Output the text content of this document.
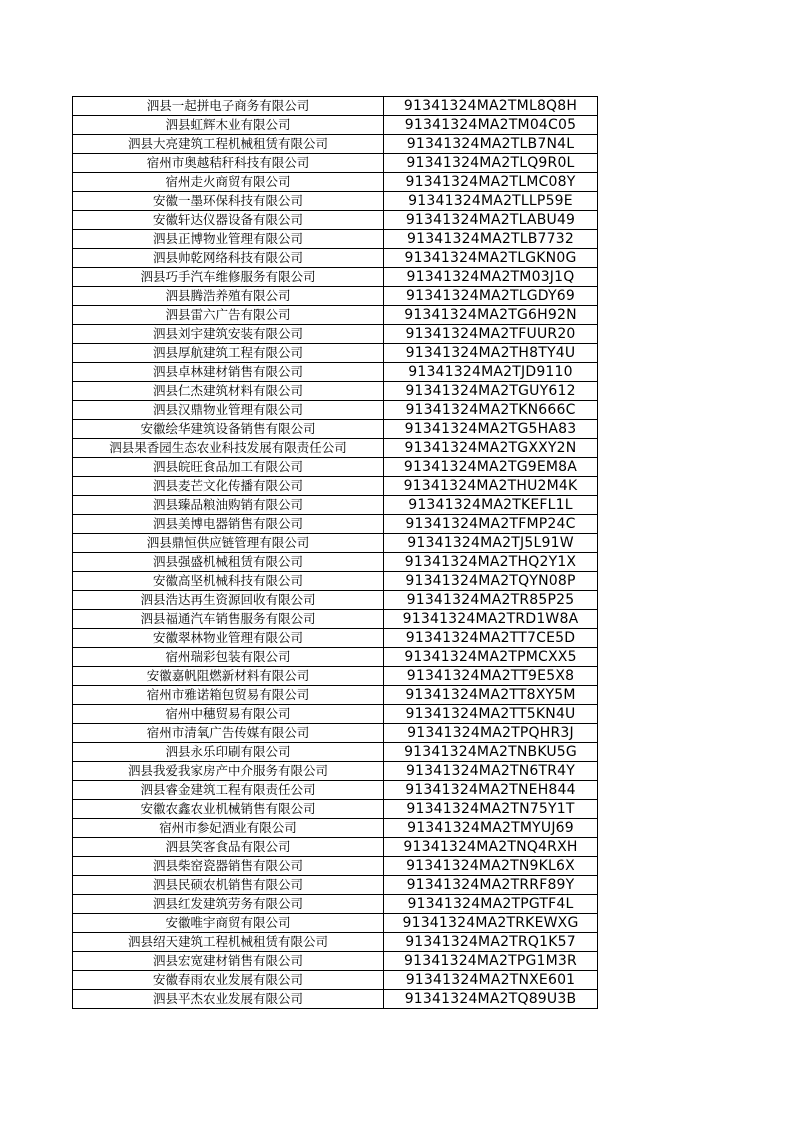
泗县一起拼电子商务有限公司	91341324MA2TML8Q8H
泗县虹辉木业有限公司	91341324MA2TM04C05
泗县大亮建筑工程机械租赁有限公司	91341324MA2TLB7N4L
宿州市奥越秸秆科技有限公司	91341324MA2TLQ9R0L
宿州走火商贸有限公司	91341324MA2TLMC08Y
安徽一墨环保科技有限公司	91341324MA2TLLP59E
安徽轩达仪器设备有限公司	91341324MA2TLABU49
泗县正博物业管理有限公司	91341324MA2TLB7732
泗县帅乾网络科技有限公司	91341324MA2TLGKN0G
泗县巧手汽车维修服务有限公司	91341324MA2TM03J1Q
泗县腾浩养殖有限公司	91341324MA2TLGDY69
泗县雷六广告有限公司	91341324MA2TG6H92N
泗县刘宇建筑安装有限公司	91341324MA2TFUUR20
泗县厚航建筑工程有限公司	91341324MA2TH8TY4U
泗县卓林建材销售有限公司	91341324MA2TJD9110
泗县仁杰建筑材料有限公司	91341324MA2TGUY612
泗县汉鼎物业管理有限公司	91341324MA2TKN666C
安徽绘华建筑设备销售有限公司	91341324MA2TG5HA83
泗县果香园生态农业科技发展有限责任公司	91341324MA2TGXXY2N
泗县皖旺食品加工有限公司	91341324MA2TG9EM8A
泗县麦芒文化传播有限公司	91341324MA2THU2M4K
泗县臻品粮油购销有限公司	91341324MA2TKEFL1L
泗县美博电器销售有限公司	91341324MA2TFMP24C
泗县鼎恒供应链管理有限公司	91341324MA2TJ5L91W
泗县强盛机械租赁有限公司	91341324MA2THQ2Y1X
安徽高坚机械科技有限公司	91341324MA2TQYN08P
泗县浩达再生资源回收有限公司	91341324MA2TR85P25
泗县福通汽车销售服务有限公司	91341324MA2TRD1W8A
安徽翠林物业管理有限公司	91341324MA2TT7CE5D
宿州瑞彩包装有限公司	91341324MA2TPMCXX5
安徽嘉帆阻燃新材料有限公司	91341324MA2TT9E5X8
宿州市雅诺箱包贸易有限公司	91341324MA2TT8XY5M
宿州中穗贸易有限公司	91341324MA2TT5KN4U
宿州市清氧广告传媒有限公司	91341324MA2TPQHR3J
泗县永乐印刷有限公司	91341324MA2TNBKU5G
泗县我爱我家房产中介服务有限公司	91341324MA2TN6TR4Y
泗县睿金建筑工程有限责任公司	91341324MA2TNEH844
安徽农鑫农业机械销售有限公司	91341324MA2TN75Y1T
宿州市参妃酒业有限公司	91341324MA2TMYUJ69
泗县笑客食品有限公司	91341324MA2TNQ4RXH
泗县柴窑瓷器销售有限公司	91341324MA2TN9KL6X
泗县民硕农机销售有限公司	91341324MA2TRRF89Y
泗县红发建筑劳务有限公司	91341324MA2TPGTF4L
安徽唯宇商贸有限公司	91341324MA2TRKEWXG
泗县绍天建筑工程机械租赁有限公司	91341324MA2TRQ1K57
泗县宏宽建材销售有限公司	91341324MA2TPG1M3R
安徽春雨农业发展有限公司	91341324MA2TNXE601
泗县平杰农业发展有限公司	91341324MA2TQ89U3B
